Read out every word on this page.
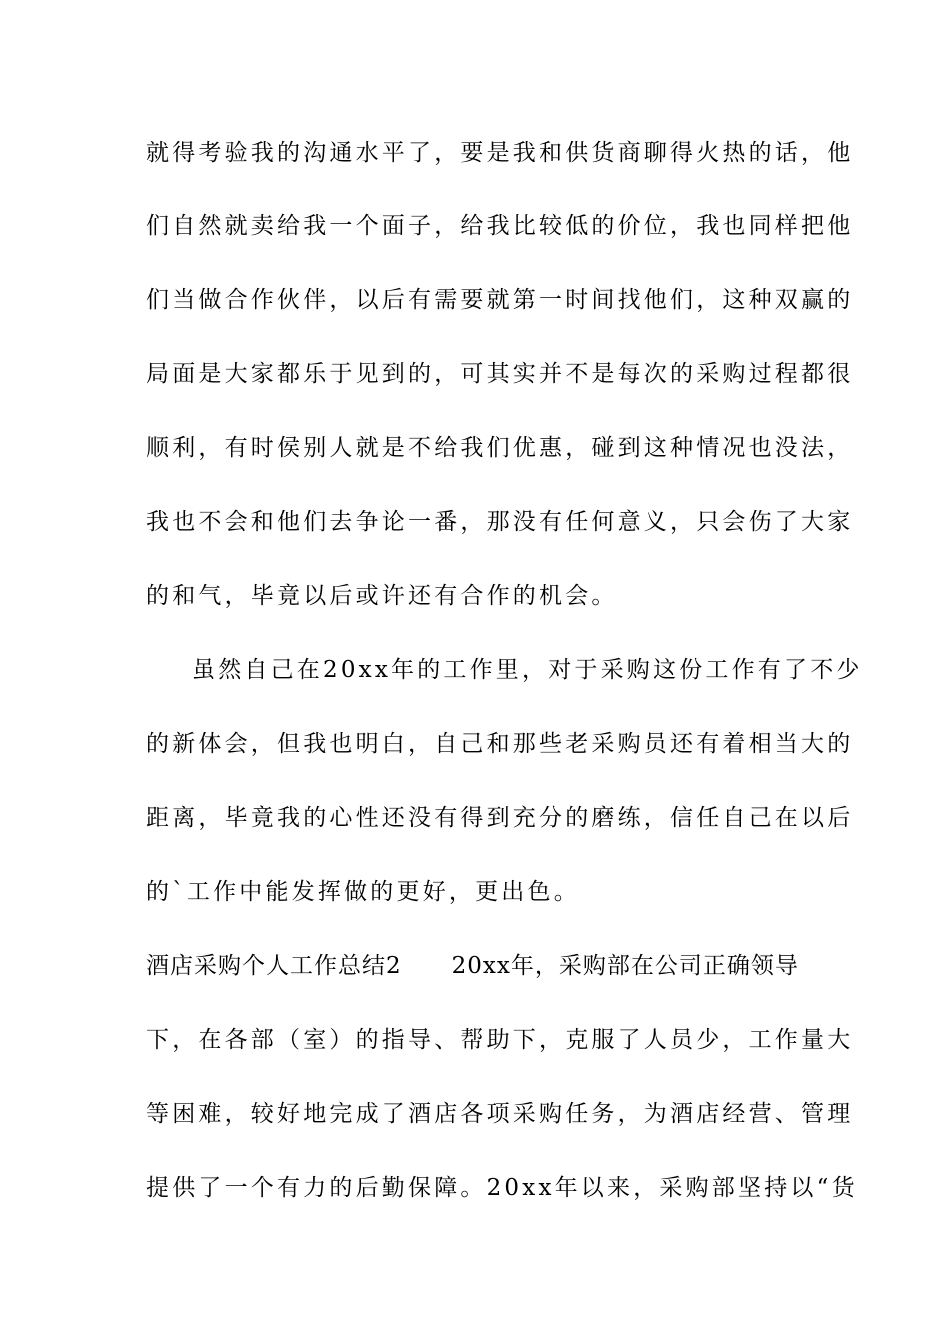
就得考验我的沟通水平了，要是我和供货商聊得火热的话，他
们自然就卖给我一个面子，给我比较低的价位，我也同样把他
们当做合作伙伴，以后有需要就第一时间找他们，这种双赢的
局面是大家都乐于见到的，可其实并不是每次的采购过程都很
顺利，有时侯别人就是不给我们优惠，碰到这种情况也没法，
我也不会和他们去争论一番，那没有任何意义，只会伤了大家
的和气，毕竟以后或许还有合作的机会。
虽然自己在20xx年的工作里，对于采购这份工作有了不少
的新体会，但我也明白，自己和那些老采购员还有着相当大的
距离，毕竟我的心性还没有得到充分的磨练，信任自己在以后
的`工作中能发挥做的更好，更出色。
酒店采购个人工作总结2 20xx年，采购部在公司正确领导
下，在各部（室）的指导、帮助下，克服了人员少，工作量大
等困难，较好地完成了酒店各项采购任务，为酒店经营、管理
提供了一个有力的后勤保障。20xx年以来，采购部坚持以“货
